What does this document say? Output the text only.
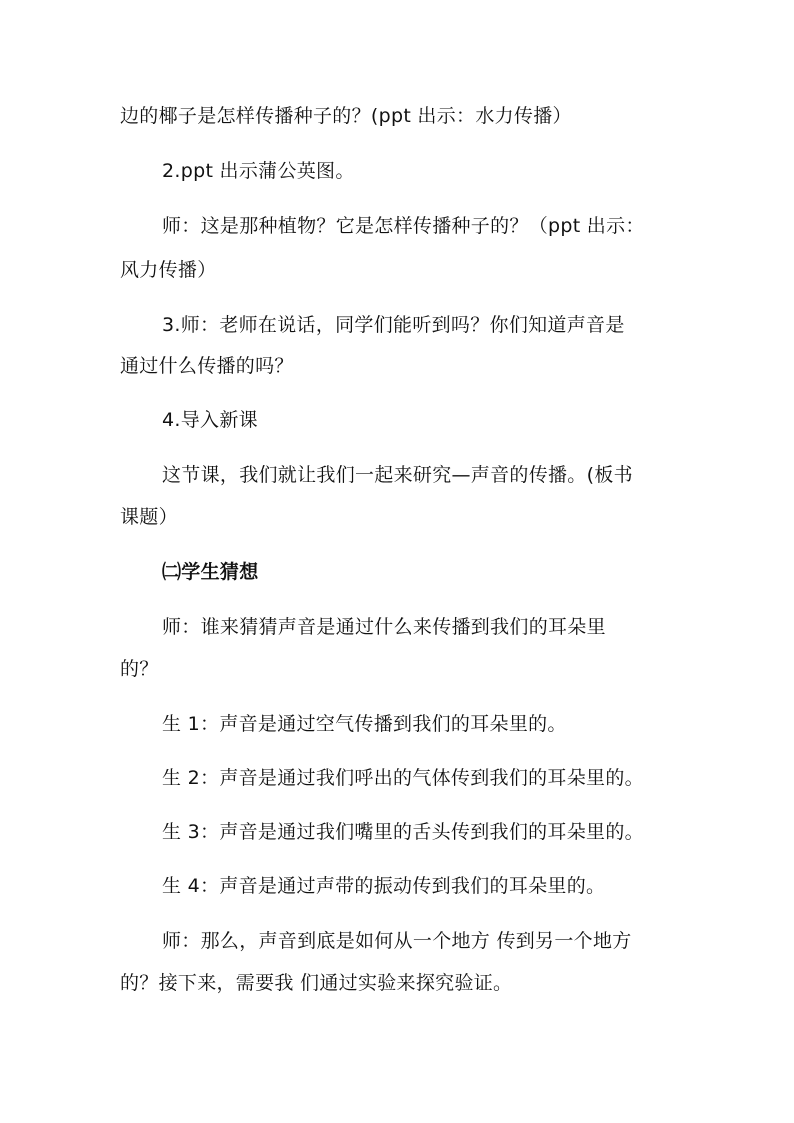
边的椰子是怎样传播种子的？(ppt 出示：水力传播）
2.ppt 出示蒲公英图。
师：这是那种植物？它是怎样传播种子的？（ppt 出示：
风力传播）
3.师：老师在说话，同学们能听到吗？你们知道声音是
通过什么传播的吗？
4.导入新课
这节课，我们就让我们一起来研究—声音的传播。(板书
课题）
㈡学生猜想
师：谁来猜猜声音是通过什么来传播到我们的耳朵里
的？
生 1：声音是通过空气传播到我们的耳朵里的。
生 2：声音是通过我们呼出的气体传到我们的耳朵里的。
生 3：声音是通过我们嘴里的舌头传到我们的耳朵里的。
生 4：声音是通过声带的振动传到我们的耳朵里的。
师：那么，声音到底是如何从一个地方 传到另一个地方
的？接下来，需要我 们通过实验来探究验证。
